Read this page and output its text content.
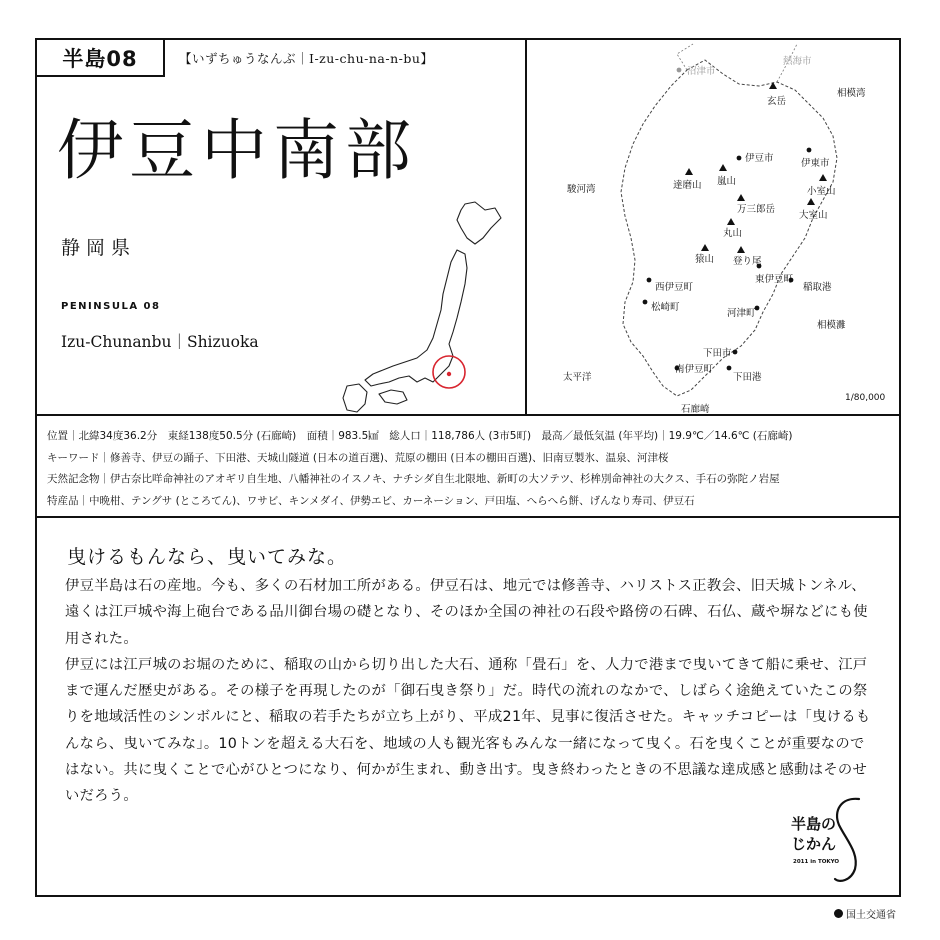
半島08	【いずちゅうなんぶ｜I-zu-chu-na-n-bu】
伊豆中南部
静岡県
PENINSULA 08
Izu-Chunanbu｜Shizuoka
沼津市
熱海市
相模湾
玄岳
伊豆市	伊東市
駿河湾	達磨山 嵐山
小室山
万三郎岳
大室山
丸山
猿山 登り尾
東伊豆町
西伊豆町	稲取港
松崎町
河津町
相模灘
下田市
太平洋
南伊豆町
下田港
石廊崎
1/80,000
位置｜北緯34度36.2分　東経138度50.5分 (石廊崎)　面積｜983.5㎢　総人口｜118,786人 (3市5町)　最高／最低気温 (年平均)｜19.9℃／14.6℃ (石廊崎)
キーワード｜修善寺、伊豆の踊子、下田港、天城山隧道 (日本の道百選)、荒原の棚田 (日本の棚田百選)、旧南豆製氷、温泉、河津桜
天然記念物｜伊古奈比咩命神社のアオギリ自生地、八幡神社のイスノキ、ナチシダ自生北限地、新町の大ソテツ、杉桙別命神社の大クス、手石の弥陀ノ岩屋
特産品｜中晩柑、テングサ (ところてん)、ワサビ、キンメダイ、伊勢エビ、カーネーション、戸田塩、へらへら餅、げんなり寿司、伊豆石
曳けるもんなら、曳いてみな。

伊豆半島は石の産地。今も、多くの石材加工所がある。伊豆石は、地元では修善寺、ハリストス正教会、旧天城トンネル、遠くは江戸城や海上砲台である品川御台場の礎となり、そのほか全国の神社の石段や路傍の石碑、石仏、蔵や塀などにも使用された。

伊豆には江戸城のお堀のために、稲取の山から切り出した大石、通称「畳石」を、人力で港まで曳いてきて船に乗せ、江戸まで運んだ歴史がある。その様子を再現したのが「御石曳き祭り」だ。時代の流れのなかで、しばらく途絶えていたこの祭りを地域活性のシンボルにと、稲取の若手たちが立ち上がり、平成21年、見事に復活させた。キャッチコピーは「曳けるもんなら、曳いてみな」。10トンを超える大石を、地域の人も観光客もみんな一緒になって曳く。石を曳くことが重要なのではない。共に曳くことで心がひとつになり、何かが生まれ、動き出す。曳き終わったときの不思議な達成感と感動はそのせいだろう。

半島の
じかん
2011 in TOKYO
国土交通省
